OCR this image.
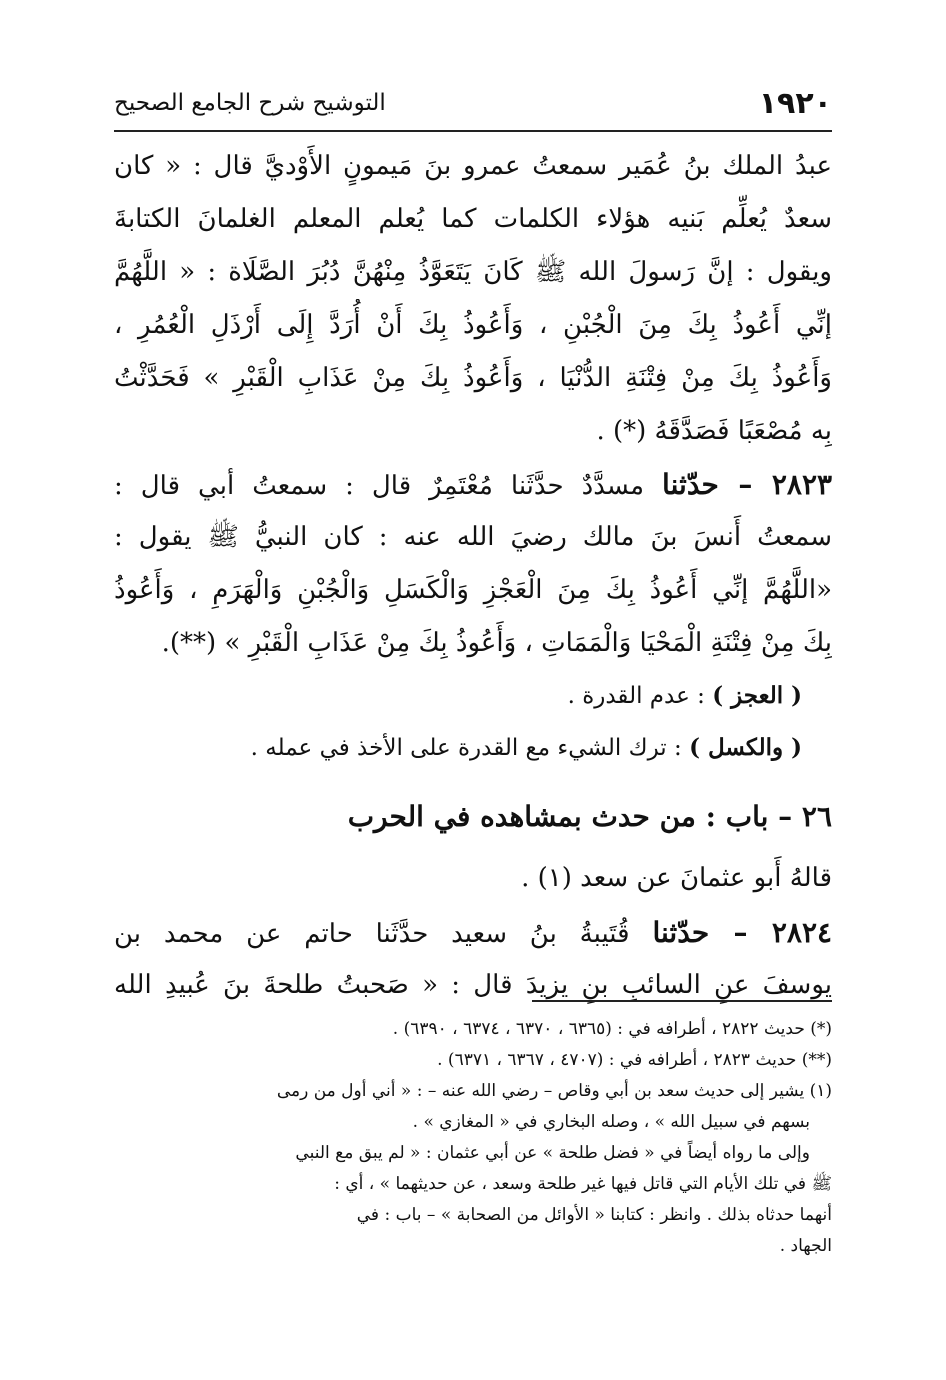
١٩٢٠
التوشيح شرح الجامع الصحيح
عبدُ الملك بنُ عُمَير سمعتُ عمرو بنَ مَيمونٍ الأَوْديَّ قال : « كان
سعدٌ يُعلِّم بَنيه هؤلاء الكلمات كما يُعلم المعلم الغلمانَ الكتابةَ
ويقول : إنَّ رَسولَ الله ﷺ كَانَ يَتَعَوَّذُ مِنْهُنَّ دُبُرَ الصَّلَاة : « اللَّهُمَّ
إنِّي أَعُوذُ بِكَ مِنَ الْجُبْنِ ، وَأَعُوذُ بِكَ أَنْ أُرَدَّ إِلَى أَرْذَلِ الْعُمُرِ ،
وَأَعُوذُ بِكَ مِنْ فِتْنَةِ الدُّنْيَا ، وَأَعُوذُ بِكَ مِنْ عَذَابِ الْقَبْرِ » فَحَدَّثْتُ
بِه مُصْعَبًا فَصَدَّقَهُ (*) .
٢٨٢٣ – حدّثنا مسدَّدٌ حدَّثَنا مُعْتَمِرٌ قال : سمعتُ أبي قال :
سمعتُ أَنسَ بنَ مالك رضيَ الله عنه : كان النبيُّ ﷺ يقول :
«اللَّهُمَّ إنِّي أَعُوذُ بِكَ مِنَ الْعَجْزِ وَالْكَسَلِ وَالْجُبْنِ وَالْهَرَمِ ، وَأَعُوذُ
بِكَ مِنْ فِتْنَةِ الْمَحْيَا وَالْمَمَاتِ ، وَأَعُوذُ بِكَ مِنْ عَذَابِ الْقَبْرِ » (**).
( العجز ) : عدم القدرة .
( والكسل ) : ترك الشيء مع القدرة على الأخذ في عمله .
٢٦ – باب : من حدث بمشاهده في الحرب
قالهُ أَبو عثمانَ عن سعد (١) .
٢٨٢٤ – حدّثنا قُتَيبةُ بنُ سعيد حدَّثَنا حاتم عن محمد بن
يوسفَ عنِ السائبِ بنِ يزيدَ قال : « صَحبتُ طلحةَ بنَ عُبيدِ الله
(*) حديث ٢٨٢٢ ، أطرافه في : (٦٣٦٥ ، ٦٣٧٠ ، ٦٣٧٤ ، ٦٣٩٠) .
(**) حديث ٢٨٢٣ ، أطرافه في : (٤٧٠٧ ، ٦٣٦٧ ، ٦٣٧١) .
(١) يشير إلى حديث سعد بن أبي وقاص – رضي الله عنه – : « أني أول من رمى
بسهم في سبيل الله » ، وصله البخاري في « المغازي » .
وإلى ما رواه أيضاً في « فضل طلحة » عن أبي عثمان : « لم يبق مع النبي
ﷺ في تلك الأيام التي قاتل فيها غير طلحة وسعد ، عن حديثهما » ، أي :
أنهما حدثاه بذلك . وانظر : كتابنا « الأوائل من الصحابة » – باب : في
الجهاد .
